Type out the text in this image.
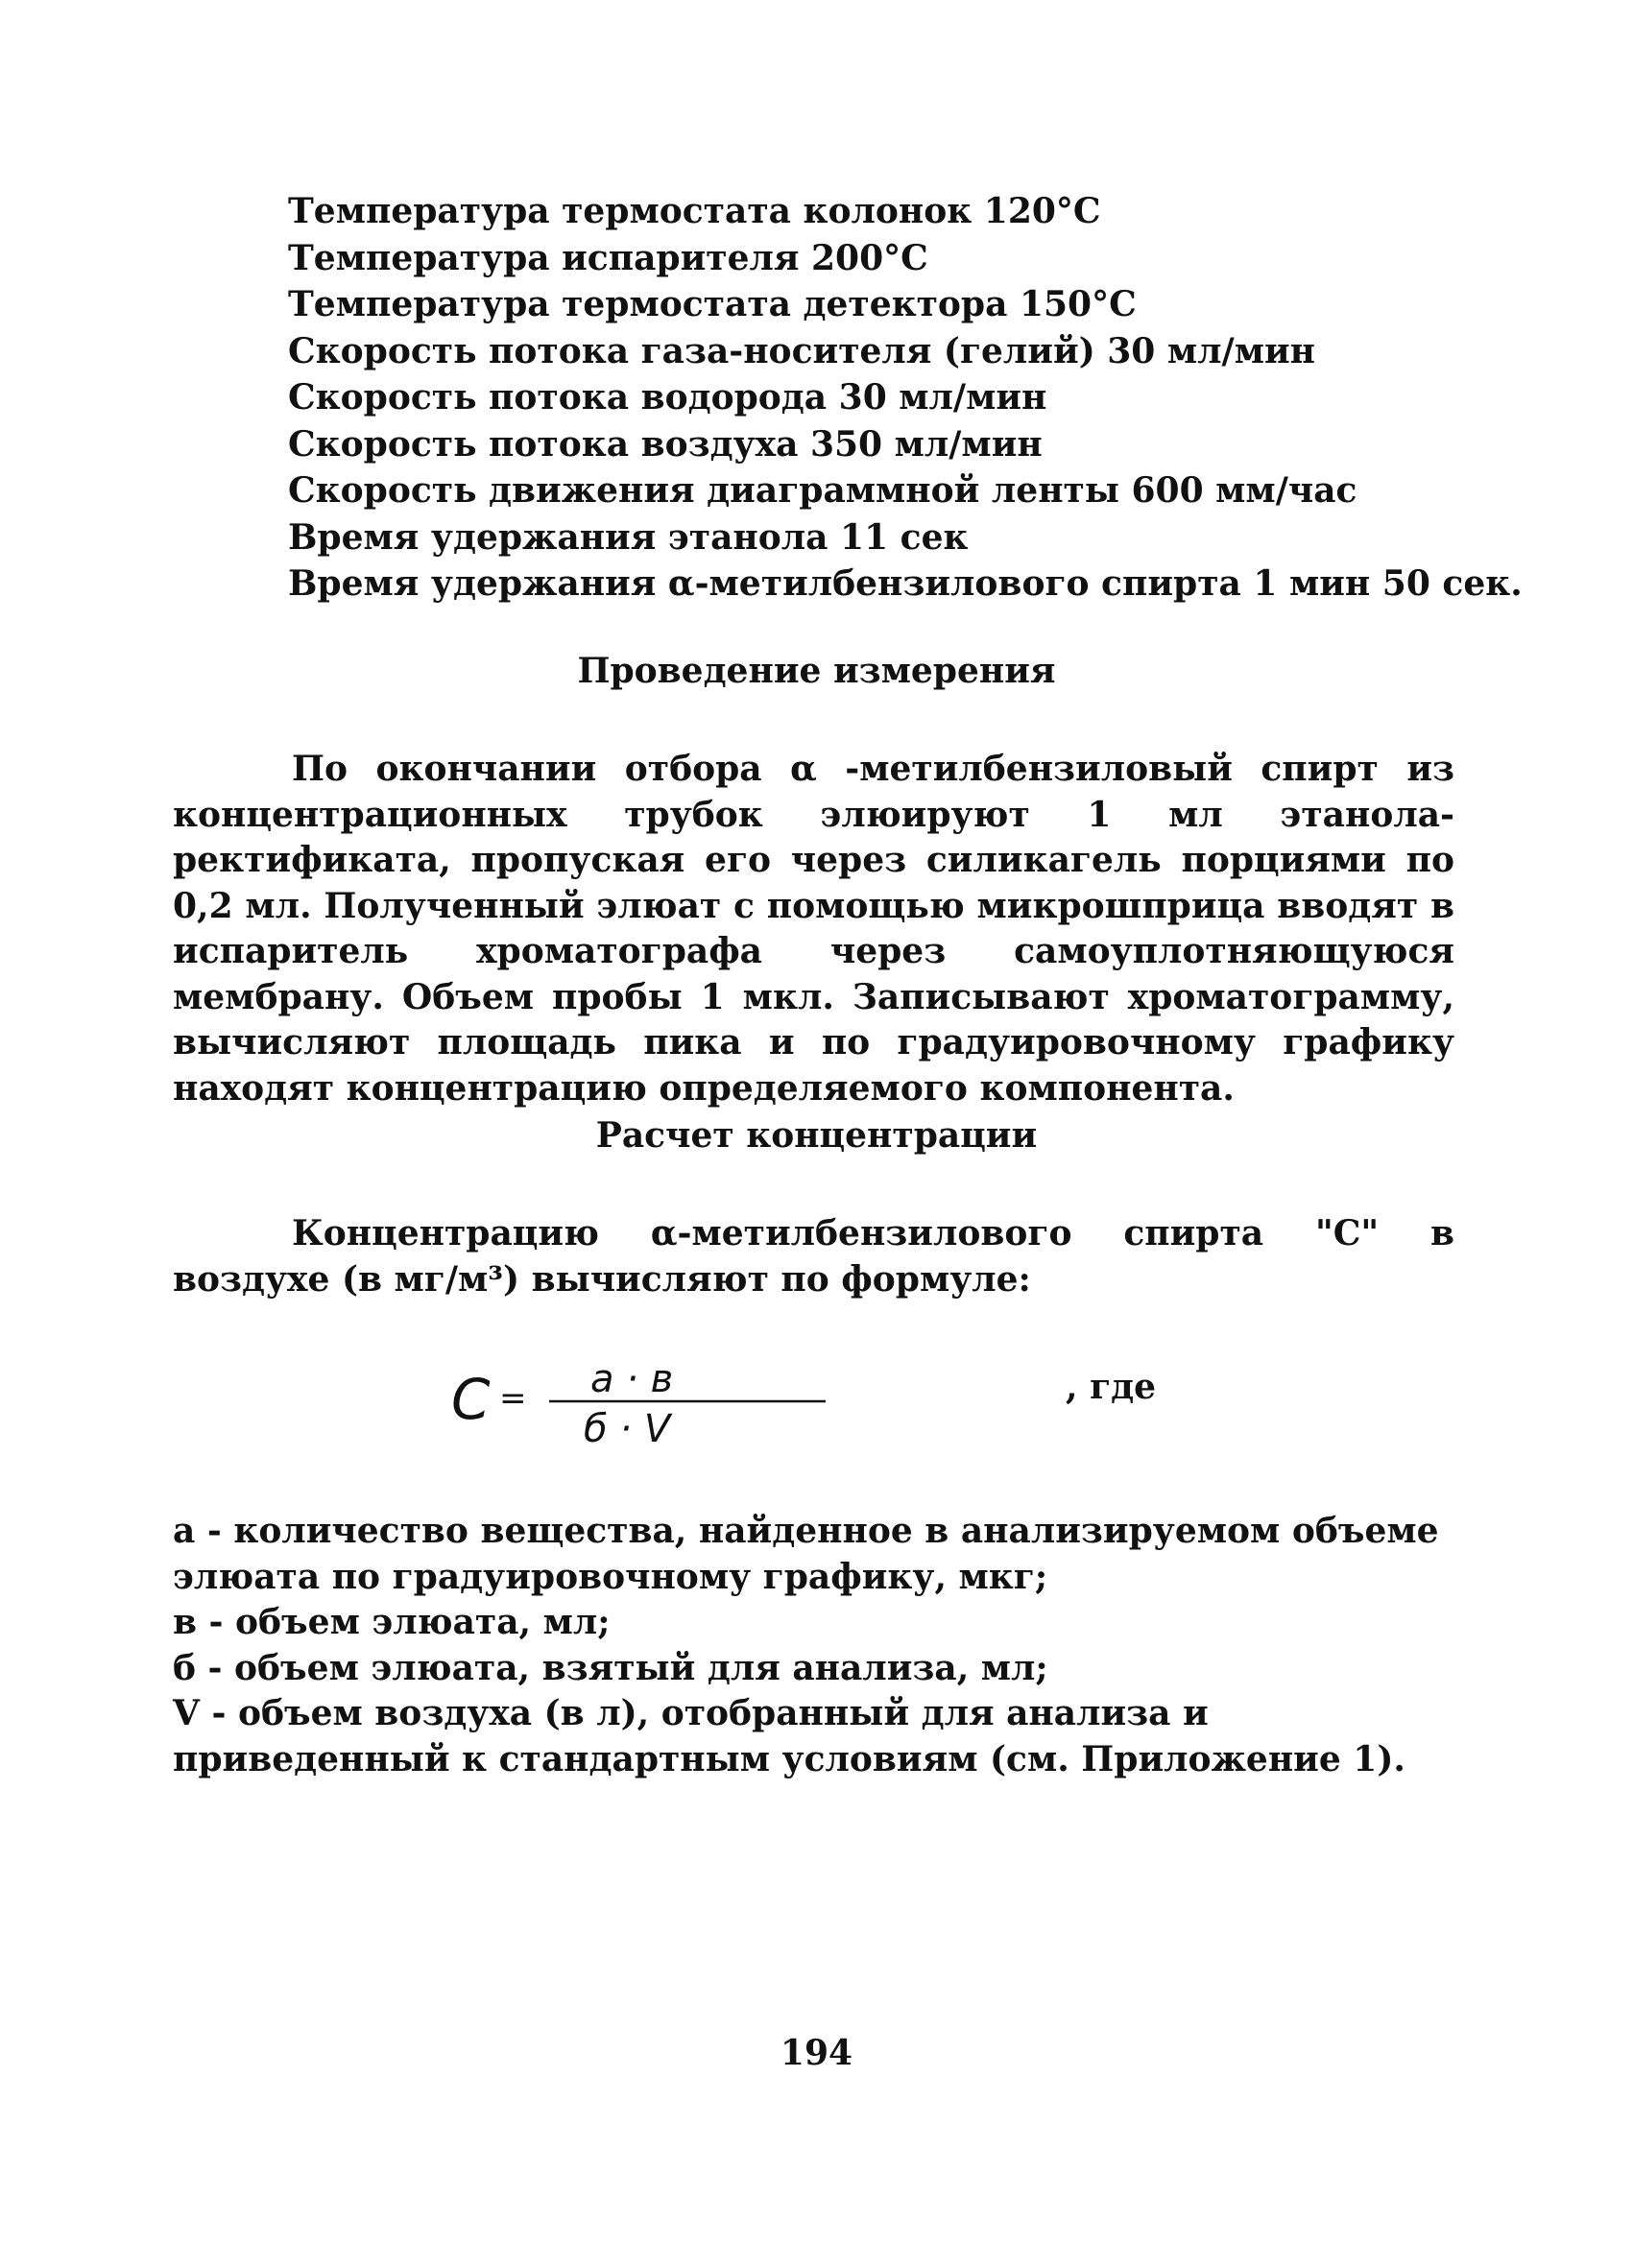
Температура термостата колонок 120°С
Температура испарителя 200°С
Температура термостата детектора 150°С
Скорость потока газа-носителя (гелий) 30 мл/мин
Скорость потока водорода 30 мл/мин
Скорость потока воздуха 350 мл/мин
Скорость движения диаграммной ленты 600 мм/час
Время удержания этанола 11 сек
Время удержания α-метилбензилового спирта 1 мин 50 сек.
Проведение измерения
По окончании отбора α -метилбензиловый спирт из концентрационных трубок элюируют 1 мл этанола-ректификата, пропуская его через силикагель порциями по 0,2 мл. Полученный элюат с помощью микрошприца вводят в испаритель хроматографа через самоуплотняющуюся мембрану. Объем пробы 1 мкл. Записывают хроматограмму, вычисляют площадь пика и по градуировочному графику находят концентрацию определяемого компонента.
Расчет концентрации
Концентрацию α-метилбензилового спирта "С" в воздухе (в мг/м³) вычисляют по формуле:
С = а · в
б · V
, где
а - количество вещества, найденное в анализируемом объеме элюата по градуировочному графику, мкг;
в - объем элюата, мл;
б - объем элюата, взятый для анализа, мл;
V - объем воздуха (в л), отобранный для анализа и приведенный к стандартным условиям (см. Приложение 1).
194
